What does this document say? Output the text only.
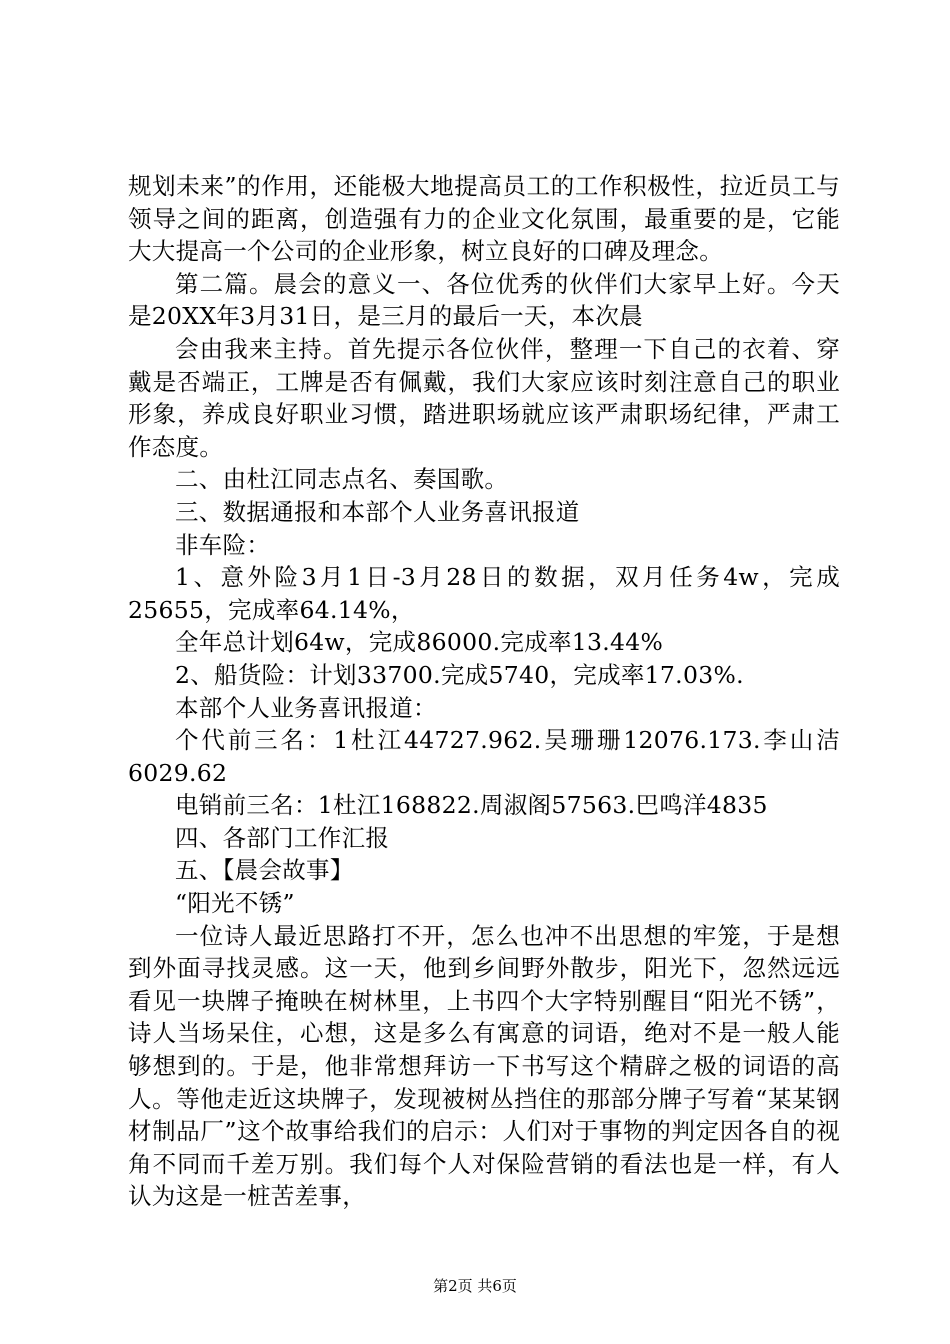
规划未来”的作用，还能极大地提高员工的工作积极性，拉近员工与领导之间的距离，创造强有力的企业文化氛围，最重要的是，它能大大提高一个公司的企业形象，树立良好的口碑及理念。

第二篇。晨会的意义一、各位优秀的伙伴们大家早上好。今天是20XX年3月31日，是三月的最后一天，本次晨

会由我来主持。首先提示各位伙伴，整理一下自己的衣着、穿戴是否端正，工牌是否有佩戴，我们大家应该时刻注意自己的职业形象，养成良好职业习惯，踏进职场就应该严肃职场纪律，严肃工作态度。

二、由杜江同志点名、奏国歌。

三、数据通报和本部个人业务喜讯报道

非车险：

1、意外险3月1日-3月28日的数据，双月任务4w，完成25655，完成率64.14%，

全年总计划64w，完成86000.完成率13.44%

2、船货险：计划33700.完成5740，完成率17.03%.

本部个人业务喜讯报道：

个代前三名：1杜江44727.962.吴珊珊12076.173.李山洁6029.62

电销前三名：1杜江168822.周淑阁57563.巴鸣洋4835

四、各部门工作汇报

五、【晨会故事】

“阳光不锈”

一位诗人最近思路打不开，怎么也冲不出思想的牢笼，于是想到外面寻找灵感。这一天，他到乡间野外散步，阳光下，忽然远远看见一块牌子掩映在树林里，上书四个大字特别醒目“阳光不锈”，诗人当场呆住，心想，这是多么有寓意的词语，绝对不是一般人能够想到的。于是，他非常想拜访一下书写这个精辟之极的词语的高人。等他走近这块牌子，发现被树丛挡住的那部分牌子写着“某某钢材制品厂”这个故事给我们的启示：人们对于事物的判定因各自的视角不同而千差万别。我们每个人对保险营销的看法也是一样，有人认为这是一桩苦差事，

第2页 共6页
